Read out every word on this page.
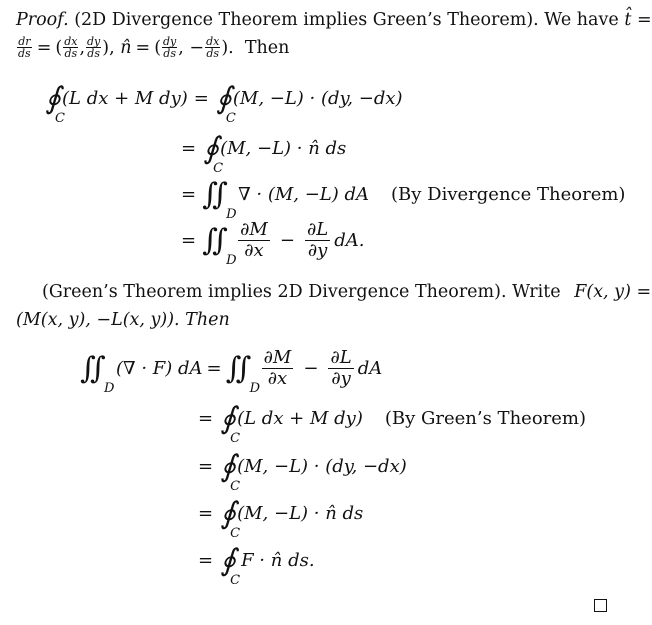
Proof. (2D Divergence Theorem implies Green’s Theorem). We have t̂ =
$\frac{dr}{ds}$ = ( $\frac{dx}{ds}$ , $\frac{dy}{ds}$ ), n̂ = ( $\frac{dy}{ds}$ , − $\frac{dx}{ds}$ ). Then
∮
C
(L dx + M dy) = ∮
C
(M, −L) · (dy, −dx)
= ∮
C
(M, −L) · n̂ ds
= ∬
D
∇ · (M, −L) dA (By Divergence Theorem)
= ∬
D $\frac{\partial M}{\partial x} - \frac{\partial L}{\partial y}$ dA.
(Green’s Theorem implies 2D Divergence Theorem). Write F(x, y) =
(M(x, y), −L(x, y)). Then
∬
D
(∇ · F) dA = ∬
D $\frac{\partial M}{\partial x} - \frac{\partial L}{\partial y}$ dA
= ∮
C
(L dx + M dy) (By Green’s Theorem)
= ∮
C
(M, −L) · (dy, −dx)
= ∮
C
(M, −L) · n̂ ds
= ∮
C
F · n̂ ds.
